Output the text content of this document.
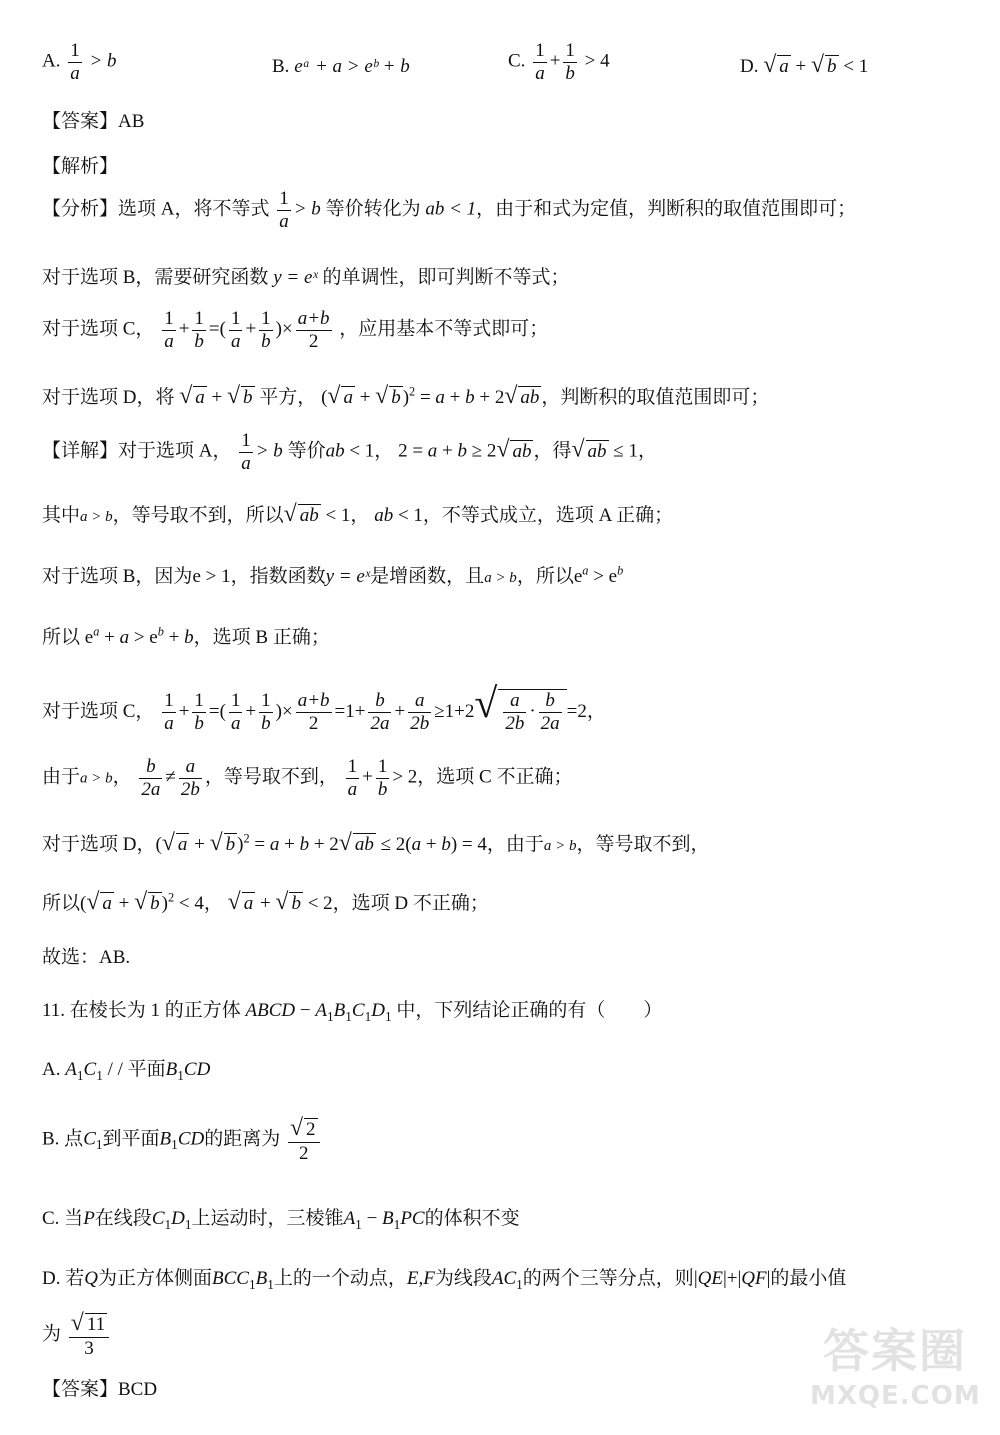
A. $\frac{1}{a} > b$	B. eᵃ + a > eᵇ + b	C. $\frac{1}{a} + \frac{1}{b} > 4$	D. √ a + √ b < 1
【答案】AB
【解析】
【分析】选项 A，将不等式 $\frac{1}{a} > b$ 等价转化为 ab < 1，由于和式为定值，判断积的取值范围即可；
对于选项 B，需要研究函数 y = eˣ 的单调性，即可判断不等式；
对于选项 C， $\frac{1}{a} + \frac{1}{b}$ =( $\frac{1}{a} + \frac{1}{b}$ )× $\frac{a+b}{2}$ ，应用基本不等式即可；
对于选项 D，将 √ a + √ b 平方， (√ a + √ b )$^2$ = a + b + 2√ ab ，判断积的取值范围即可；
【详解】对于选项 A， $\frac{1}{a} > b$ 等价ab < 1， 2 = a + b ≥ 2√ ab ，得√ ab ≤ 1，
其中a > b，等号取不到，所以√ ab < 1， ab < 1，不等式成立，选项 A 正确；
对于选项 B，因为e > 1，指数函数y = eˣ是增函数，且a > b，所以$e^a > e^b$
所以 $e^a + a > e^b + b$，选项 B 正确；
对于选项 C， $\frac{1}{a} + \frac{1}{b}$ =( $\frac{1}{a} + \frac{1}{b}$ )× $\frac{a+b}{2} =1+ \frac{b}{2a} + \frac{a}{2b} \ge 1+2√ \frac{a}{2b} \cdot \frac{b}{2a} =2$，
由于a > b， $\frac{b}{2a} \ne \frac{a}{2b}$ ，等号取不到， $\frac{1}{a} + \frac{1}{b} > 2$，选项 C 不正确；
对于选项 D，(√ a + √ b )$^2$ = a + b + 2√ ab ≤ 2(a + b) = 4，由于a > b，等号取不到，
所以(√ a + √ b )$^2$ < 4， √ a + √ b < 2，选项 D 不正确；
故选：AB.
11. 在棱长为 1 的正方体 ABCD − $A_1B_1C_1D_1$ 中，下列结论正确的有（　　）
A. $A_1C_1$ / / 平面$B_1CD$
B. 点$C_1$到平面$B_1CD$的距离为 $\frac{√ 2}{2}$
C. 当P在线段$C_1D_1$上运动时，三棱锥$A_1 - B_1PC$的体积不变
D. 若Q为正方体侧面$BCC_1B_1$上的一个动点，E,F为线段$AC_1$的两个三等分点，则|QE|+|QF|的最小值
为 $\frac{√ 11}{3}$
【答案】BCD
答案圈
MXQE.COM
